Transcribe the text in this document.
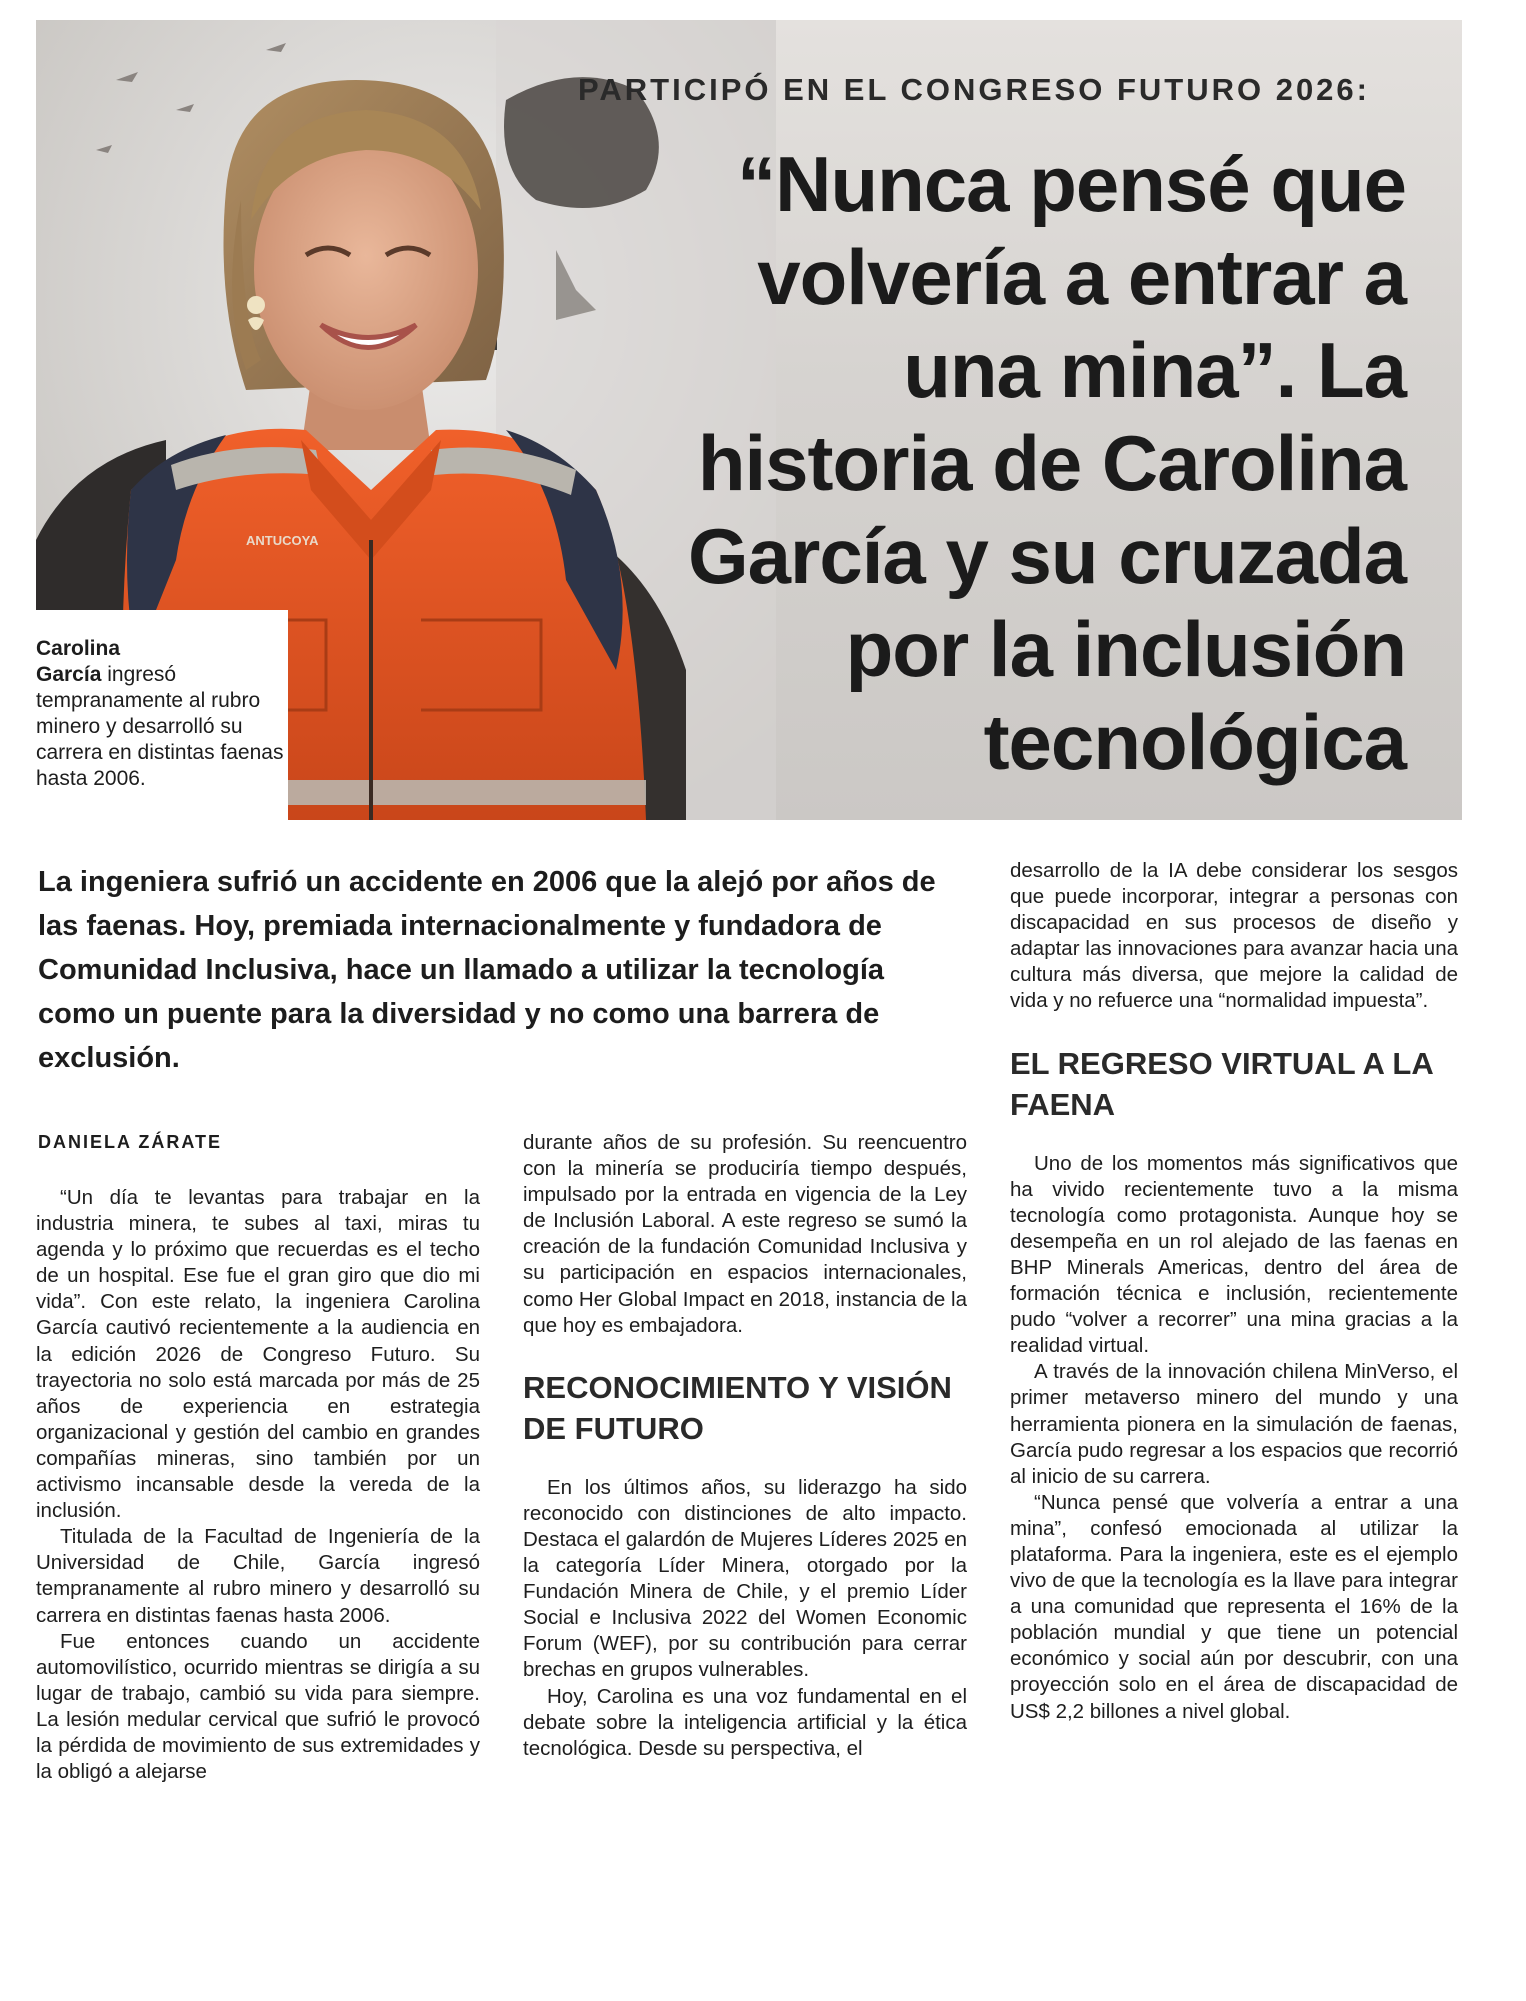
ANTUCOYA
PARTICIPÓ EN EL CONGRESO FUTURO 2026:
“Nunca pensé que volvería a entrar a una mina”. La historia de Carolina García y su cruzada por la inclusión tecnológica
Carolina
García ingresó tempranamente al rubro minero y desarrolló su carrera en distintas faenas hasta 2006.
La ingeniera sufrió un accidente en 2006 que la alejó por años de las faenas. Hoy, premiada internacionalmente y fundadora de Comunidad Inclusiva, hace un llamado a utilizar la tecnología como un puente para la diversidad y no como una barrera de exclusión.
DANIELA ZÁRATE

“Un día te levantas para trabajar en la industria minera, te subes al taxi, miras tu agenda y lo próximo que recuerdas es el techo de un hospital. Ese fue el gran giro que dio mi vida”. Con este relato, la ingeniera Carolina García cautivó recientemente a la audiencia en la edición 2026 de Congreso Futuro. Su trayectoria no solo está marcada por más de 25 años de experiencia en estrategia organizacional y gestión del cambio en grandes compañías mineras, sino también por un activismo incansable desde la vereda de la inclusión.

Titulada de la Facultad de Ingeniería de la Universidad de Chile, García ingresó tempranamente al rubro minero y desarrolló su carrera en distintas faenas hasta 2006.

Fue entonces cuando un accidente automovilístico, ocurrido mientras se dirigía a su lugar de trabajo, cambió su vida para siempre. La lesión medular cervical que sufrió le provocó la pérdida de movimiento de sus extremidades y la obligó a alejarse

durante años de su profesión. Su reencuentro con la minería se produciría tiempo después, impulsado por la entrada en vigencia de la Ley de Inclusión Laboral. A este regreso se sumó la creación de la fundación Comunidad Inclusiva y su participación en espacios internacionales, como Her Global Impact en 2018, instancia de la que hoy es embajadora.

RECONOCIMIENTO Y VISIÓN DE FUTURO

En los últimos años, su liderazgo ha sido reconocido con distinciones de alto impacto. Destaca el galardón de Mujeres Líderes 2025 en la categoría Líder Minera, otorgado por la Fundación Minera de Chile, y el premio Líder Social e Inclusiva 2022 del Women Economic Forum (WEF), por su contribución para cerrar brechas en grupos vulnerables.

Hoy, Carolina es una voz fundamental en el debate sobre la inteligencia artificial y la ética tecnológica. Desde su perspectiva, el

desarrollo de la IA debe considerar los sesgos que puede incorporar, integrar a personas con discapacidad en sus procesos de diseño y adaptar las innovaciones para avanzar hacia una cultura más diversa, que mejore la calidad de vida y no refuerce una “normalidad impuesta”.

EL REGRESO VIRTUAL A LA FAENA

Uno de los momentos más significativos que ha vivido recientemente tuvo a la misma tecnología como protagonista. Aunque hoy se desempeña en un rol alejado de las faenas en BHP Minerals Americas, dentro del área de formación técnica e inclusión, recientemente pudo “volver a recorrer” una mina gracias a la realidad virtual.

A través de la innovación chilena MinVerso, el primer metaverso minero del mundo y una herramienta pionera en la simulación de faenas, García pudo regresar a los espacios que recorrió al inicio de su carrera.

“Nunca pensé que volvería a entrar a una mina”, confesó emocionada al utilizar la plataforma. Para la ingeniera, este es el ejemplo vivo de que la tecnología es la llave para integrar a una comunidad que representa el 16% de la población mundial y que tiene un potencial económico y social aún por descubrir, con una proyección solo en el área de discapacidad de US$ 2,2 billones a nivel global.
